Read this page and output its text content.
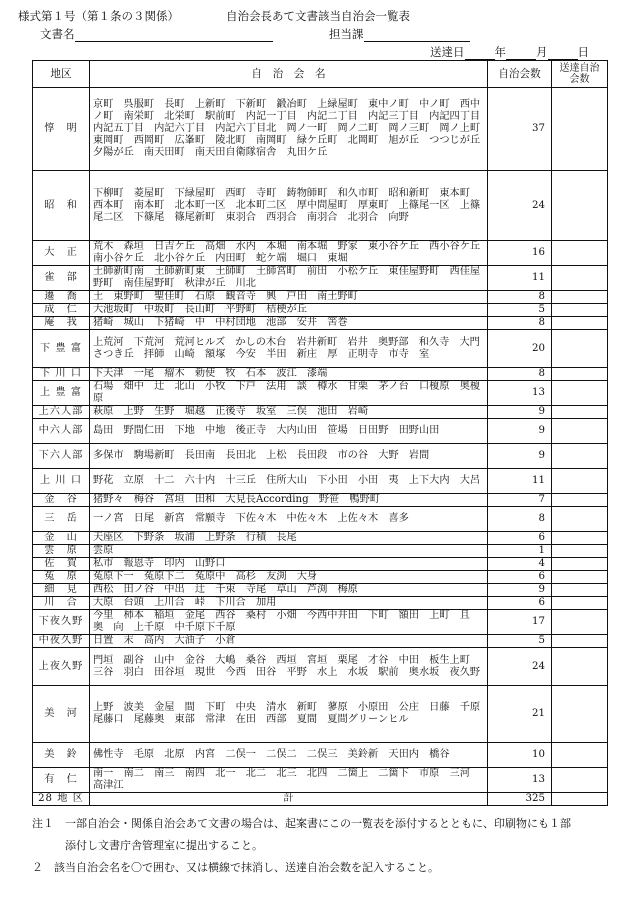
様式第１号（第１条の３関係）	自治会長あて文書該当自治会一覧表
文書名	担当課
送達日	年	月	日
地区	自　治　会　名	自治会数	送達自治会数
惇　明	京町　呉服町　長町　上新町　下新町　鍛冶町　上緑屋町　東中ノ町　中ノ町　西中ノ町　南栄町　北栄町　駅前町　内記一丁目　内記二丁目　内記三丁目　内記四丁目　内記五丁目　内記六丁目　内記六丁目北　岡ノ一町　岡ノ二町　岡ノ三町　岡ノ上町　東岡町　西岡町　広峯町　陵北町　南岡町　緑ケ丘町　北岡町　旭が丘　つつじが丘　夕陽が丘　南天田町　南天田自衛隊宿舎　丸田ケ丘	37	
昭　和	下柳町　菱屋町　下緑屋町　西町　寺町　鋳物師町　和久市町　昭和新町　東本町　西本町　南本町　北本町一区　北本町二区　厚中問屋町　厚東町　上篠尾一区　上篠尾二区　下篠尾　篠尾新町　東羽合　西羽合　南羽合　北羽合　向野	24	
大　正	荒木　森垣　日吉ケ丘　高畑　水内　本堀　南本堀　野家　東小谷ケ丘　西小谷ケ丘　南小谷ケ丘　北小谷ケ丘　内田町　蛇ケ端　堀口　東堀	16	
雀　部	土師新町南　土師新町東　土師町　土師宮町　前田　小松ケ丘　東佳屋野町　西佳屋野町　南佳屋野町　秋津が丘　川北	11	
遷　喬	土　東野町　聖佳町　石原　観音寺　興　戸田　南土野町	8	
成　仁	大池坂町　中坂町　長山町　平野町　桔梗が丘	5	
庵　我	猪崎　城山　下猪崎　中　中村団地　池部　安井　筈巻	8	
下 豊 富	上荒河　下荒河　荒河ヒルズ　かしの木台　岩井新町　岩井　奥野部　和久寺　大門　さつき丘　拝師　山崎　額塚　今安　半田　新庄　厚　正明寺　市寺　室	20	
下 川 口	下天津　一尾　瘤木　勅使　牧　石本　波江　漆端	8	
上 豊 富	石場　畑中　辻　北山　小牧　下戸　法用　談　樽水　甘栗　茅ノ台　口榎原　奥榎原	13	
上六人部	萩原　上野　生野　堀越　正後寺　坂室　三俣　池田　岩崎	9	
中六人部	島田　野間仁田　下地　中地　後正寺　大内山田　笹場　日田野　田野山田	9	
下六人部	多保市　駒場新町　長田南　長田北　上松　長田段　市の谷　大野　岩間	9	
上 川 口	野花　立原　十二　六十内　十三丘　住所大山　下小田　小田　夷　上下大内　大呂	11	
金　谷	猪野々　梅谷　宮垣　田和　大見長According　野笹　鴨野町	7	
三　岳	一ノ宮　日尾　新宮　常願寺　下佐々木　中佐々木　上佐々木　喜多	8	
金　山	天座区　下野条　坂浦　上野条　行積　長尾	6	
雲　原	雲原	1	
佐　賀	私市　報恩寺　印内　山野口	4	
菟　原	菟原下一　菟原下二　菟原中　高杉　友渕　大身	6	
細　見	西松　田ノ谷　中出　辻　千束　寺尾　草山　芦渕　梅原	9	
川　合	大原　台頭　上川合　峠　下川合　加用	6	
下夜久野	今里　柿本　稲垣　金尾　西谷　桑村　小畑　今西中井田　下町　額田　上町　且　奥　向　上千原　中千原下千原	17	
中夜久野	日置　末　高内　大油子　小倉	5	
上夜久野	門垣　副谷　山中　金谷　大嶋　桑谷　西垣　宮垣　栗尾　才谷　中田　板生上町　三谷　羽白　田谷垣　現世　今西　田谷　平野　水上　水坂　駅前　奥水坂　夜久野	24	
美　河	上野　波美　金屋　間　下町　中央　清水　新町　蓼原　小原田　公庄　日藤　千原　尾藤口　尾藤奥　東部　常津　在田　西部　夏間　夏間グリーンヒル	21	
美　鈴	佛性寺　毛原　北原　内宮　二俣一　二俣二　二俣三　美鈴新　天田内　橋谷	10	
有　仁	南一　南二　南三　南四　北一　北二　北三　北四　二箇上　二箇下　市原　三河　高津江	13	
28 地 区	計	325	
注１　一部自治会・関係自治会あて文書の場合は、起案書にこの一覧表を添付するとともに、印刷物にも１部
添付し文書庁舎管理室に提出すること。
２　該当自治会名を〇で囲む、又は横線で抹消し、送達自治会数を記入すること。
